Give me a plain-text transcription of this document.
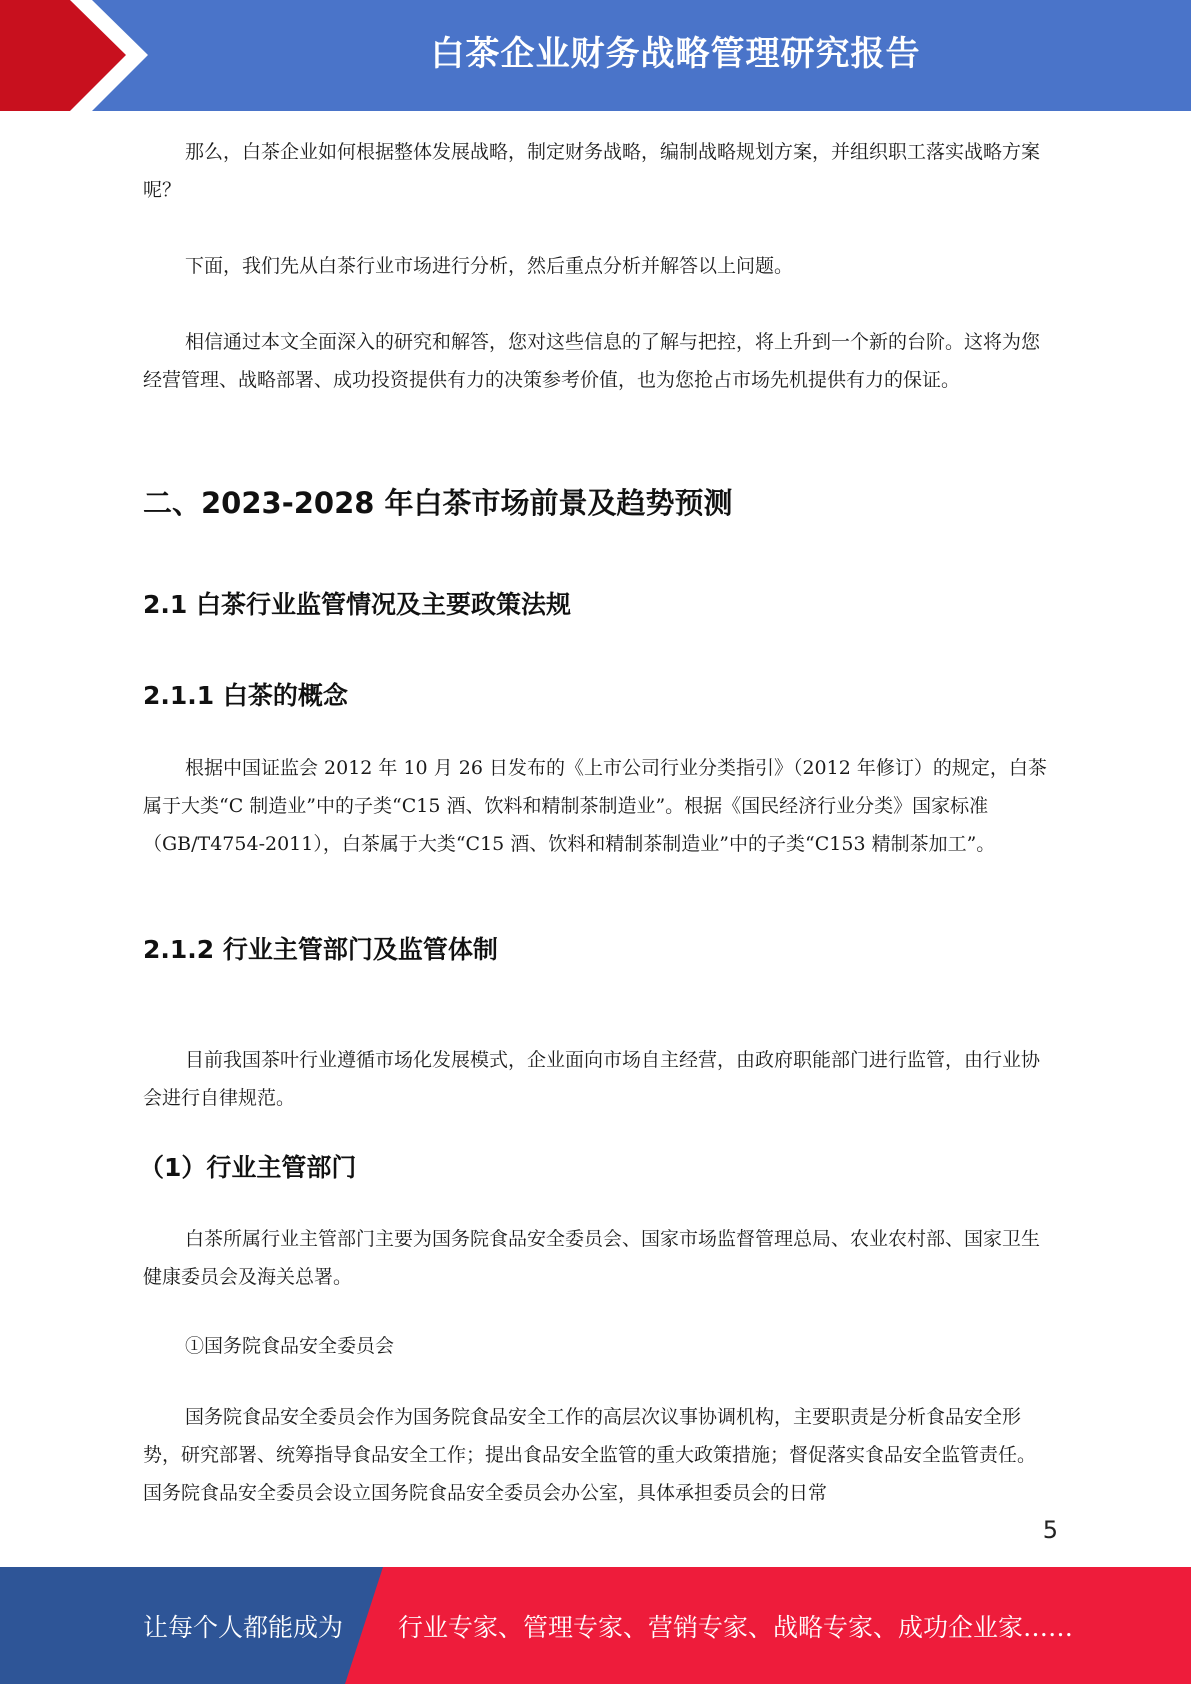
白茶企业财务战略管理研究报告

那么，白茶企业如何根据整体发展战略，制定财务战略，编制战略规划方案，并组织职工落实战略方案呢？

下面，我们先从白茶行业市场进行分析，然后重点分析并解答以上问题。

相信通过本文全面深入的研究和解答，您对这些信息的了解与把控，将上升到一个新的台阶。这将为您经营管理、战略部署、成功投资提供有力的决策参考价值，也为您抢占市场先机提供有力的保证。

二、2023-2028 年白茶市场前景及趋势预测
2.1 白茶行业监管情况及主要政策法规
2.1.1 白茶的概念

根据中国证监会 2012 年 10 月 26 日发布的《上市公司行业分类指引》（2012 年修订）的规定，白茶属于大类“C 制造业”中的子类“C15 酒、饮料和精制茶制造业”。根据《国民经济行业分类》国家标准（GB/T4754-2011），白茶属于大类“C15 酒、饮料和精制茶制造业”中的子类“C153 精制茶加工”。

2.1.2 行业主管部门及监管体制

目前我国茶叶行业遵循市场化发展模式，企业面向市场自主经营，由政府职能部门进行监管，由行业协会进行自律规范。

（1）行业主管部门

白茶所属行业主管部门主要为国务院食品安全委员会、国家市场监督管理总局、农业农村部、国家卫生健康委员会及海关总署。

①国务院食品安全委员会

国务院食品安全委员会作为国务院食品安全工作的高层次议事协调机构，主要职责是分析食品安全形势，研究部署、统筹指导食品安全工作；提出食品安全监管的重大政策措施；督促落实食品安全监管责任。国务院食品安全委员会设立国务院食品安全委员会办公室，具体承担委员会的日常

5
让每个人都能成为 行业专家、管理专家、营销专家、战略专家、成功企业家……
